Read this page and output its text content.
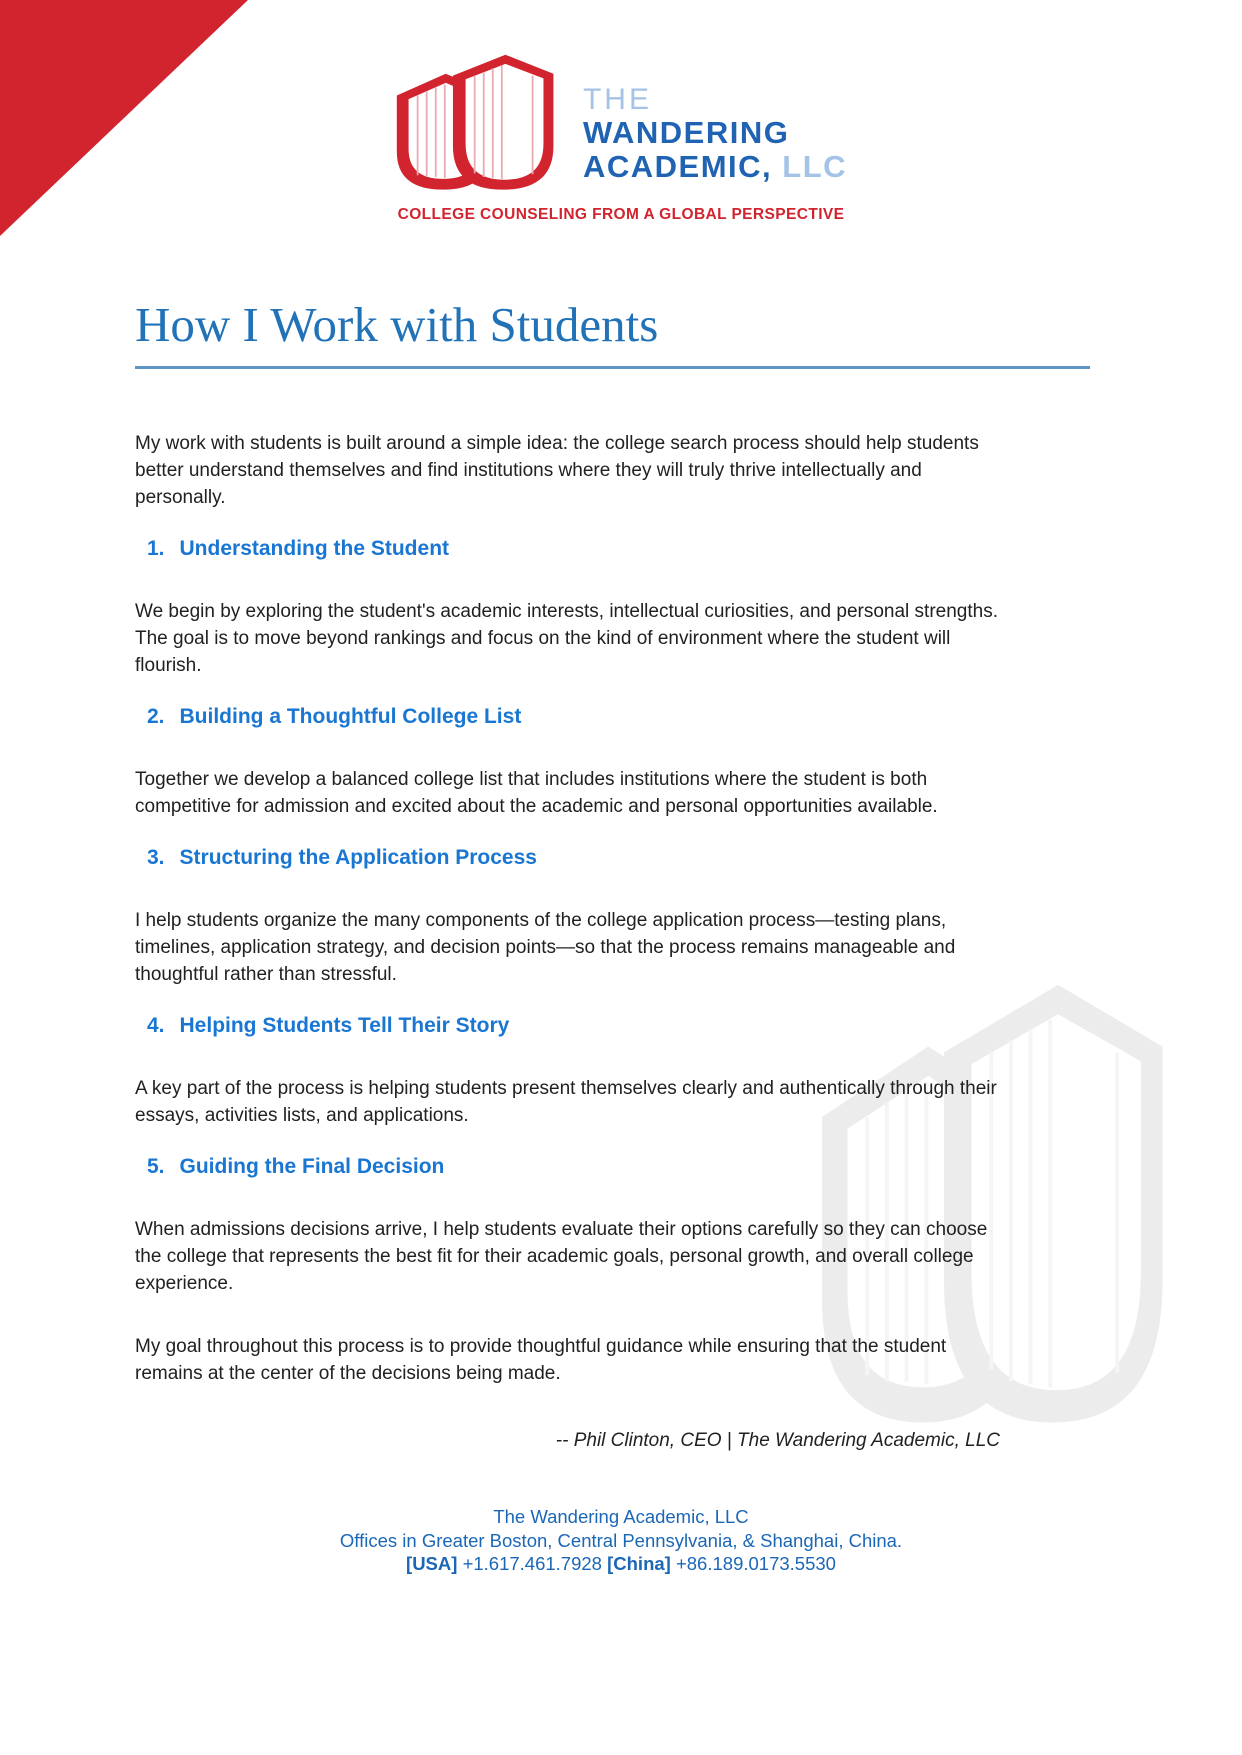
THE
WANDERING
ACADEMIC, LLC
COLLEGE COUNSELING FROM A GLOBAL PERSPECTIVE
How I Work with Students

My work with students is built around a simple idea: the college search process should help students better understand themselves and find institutions where they will truly thrive intellectually and personally.

1. Understanding the Student

We begin by exploring the student's academic interests, intellectual curiosities, and personal strengths. The goal is to move beyond rankings and focus on the kind of environment where the student will flourish.

2. Building a Thoughtful College List

Together we develop a balanced college list that includes institutions where the student is both competitive for admission and excited about the academic and personal opportunities available.

3. Structuring the Application Process

I help students organize the many components of the college application process—testing plans, timelines, application strategy, and decision points—so that the process remains manageable and thoughtful rather than stressful.

4. Helping Students Tell Their Story

A key part of the process is helping students present themselves clearly and authentically through their essays, activities lists, and applications.

5. Guiding the Final Decision

When admissions decisions arrive, I help students evaluate their options carefully so they can choose the college that represents the best fit for their academic goals, personal growth, and overall college experience.

My goal throughout this process is to provide thoughtful guidance while ensuring that the student remains at the center of the decisions being made.

-- Phil Clinton, CEO | The Wandering Academic, LLC

The Wandering Academic, LLC
Offices in Greater Boston, Central Pennsylvania, & Shanghai, China.
[USA] +1.617.461.7928 [China] +86.189.0173.5530
